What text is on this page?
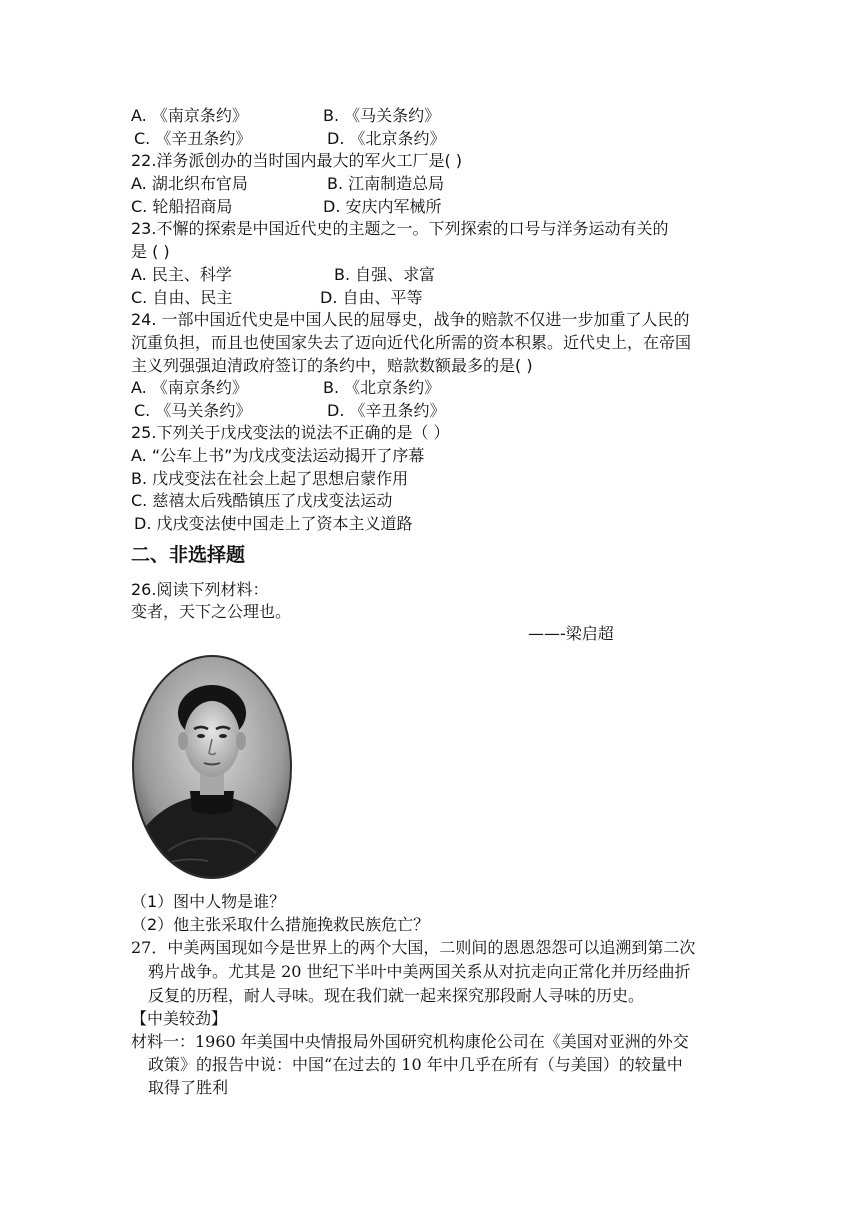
A. 《南京条约》	B. 《马关条约》
C. 《辛丑条约》	D. 《北京条约》
22.洋务派创办的当时国内最大的军火工厂是( )
A. 湖北织布官局	B. 江南制造总局
C. 轮船招商局	D. 安庆内军械所
23.不懈的探索是中国近代史的主题之一。下列探索的口号与洋务运动有关的
是 ( )
A. 民主、科学	B. 自强、求富
C. 自由、民主	D. 自由、平等
24. 一部中国近代史是中国人民的屈辱史，战争的赔款不仅进一步加重了人民的
沉重负担，而且也使国家失去了迈向近代化所需的资本积累。近代史上，在帝国
主义列强强迫清政府签订的条约中，赔款数额最多的是( )
A. 《南京条约》	B. 《北京条约》
C. 《马关条约》	D. 《辛丑条约》
25.下列关于戊戌变法的说法不正确的是（ ）
A. “公车上书”为戊戌变法运动揭开了序幕
B. 戊戌变法在社会上起了思想启蒙作用
C. 慈禧太后残酷镇压了戊戌变法运动
D. 戊戌变法使中国走上了资本主义道路
二、非选择题
26.阅读下列材料：
变者，天下之公理也。
——-梁启超
（1）图中人物是谁？
（2）他主张采取什么措施挽救民族危亡？
27．中美两国现如今是世界上的两个大国，二则间的恩恩怨怨可以追溯到第二次
鸦片战争。尤其是 20 世纪下半叶中美两国关系从对抗走向正常化并历经曲折
反复的历程，耐人寻味。现在我们就一起来探究那段耐人寻味的历史。
【中美较劲】
材料一：1960 年美国中央情报局外国研究机构康伦公司在《美国对亚洲的外交
政策》的报告中说：中国“在过去的 10 年中几乎在所有（与美国）的较量中
取得了胜利
